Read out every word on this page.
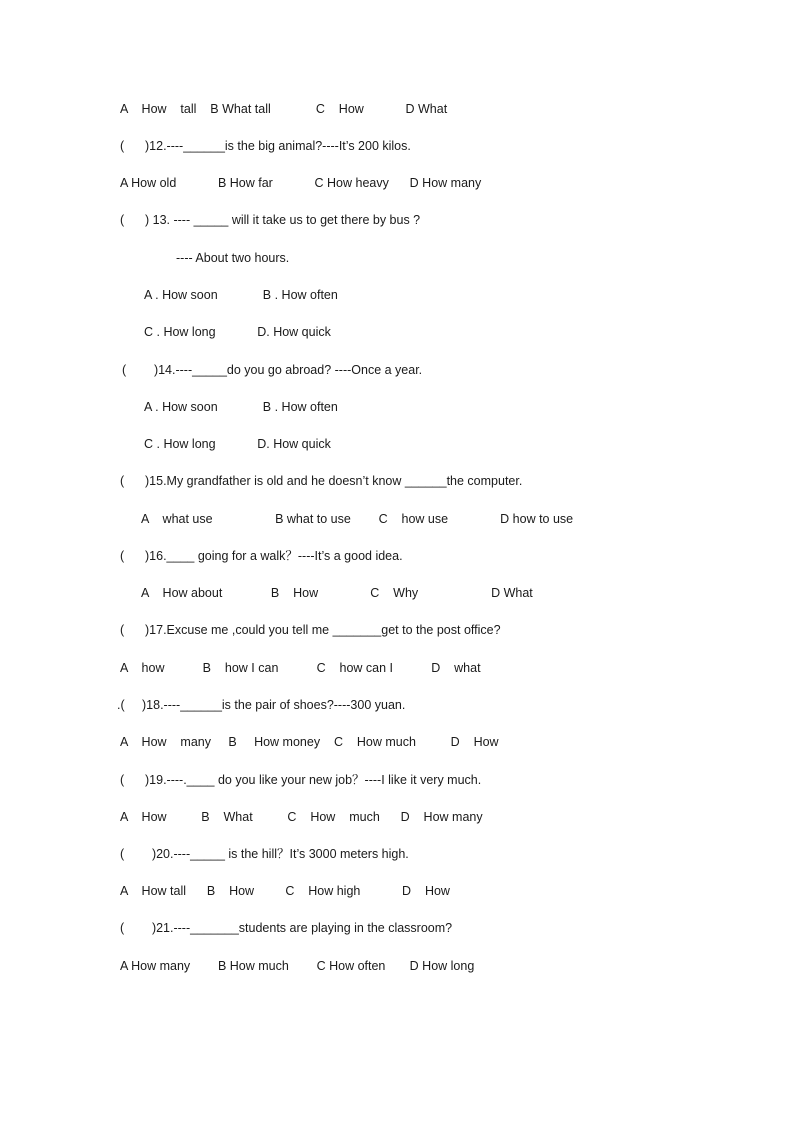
A    How    tall    B What tall             C    How            D What
(      )12.----______is the big animal?----It’s 200 kilos.
A How old            B How far            C How heavy      D How many
(      ) 13. ---- _____ will it take us to get there by bus ?
---- About two hours.
A . How soon             B . How often
C . How long            D. How quick
(        )14.----_____do you go abroad? ----Once a year.
A . How soon             B . How often
C . How long            D. How quick
(      )15.My grandfather is old and he doesn’t know ______the computer.
A    what use                  B what to use        C    how use               D how to use
(      )16.____ going for a walk？----It’s a good idea.
A    How about              B    How               C    Why                     D What
(      )17.Excuse me ,could you tell me _______get to the post office?
A    how           B    how I can           C    how can I           D    what
.(     )18.----______is the pair of shoes?----300 yuan.
A    How    many     B     How money    C    How much          D    How
(      )19.----.____ do you like your new job？----I like it very much.
A    How          B    What          C    How    much      D    How many
(        )20.----_____ is the hill？It’s 3000 meters high.
A    How tall      B    How         C    How high            D    How
(        )21.----_______students are playing in the classroom?
A How many        B How much        C How often       D How long
